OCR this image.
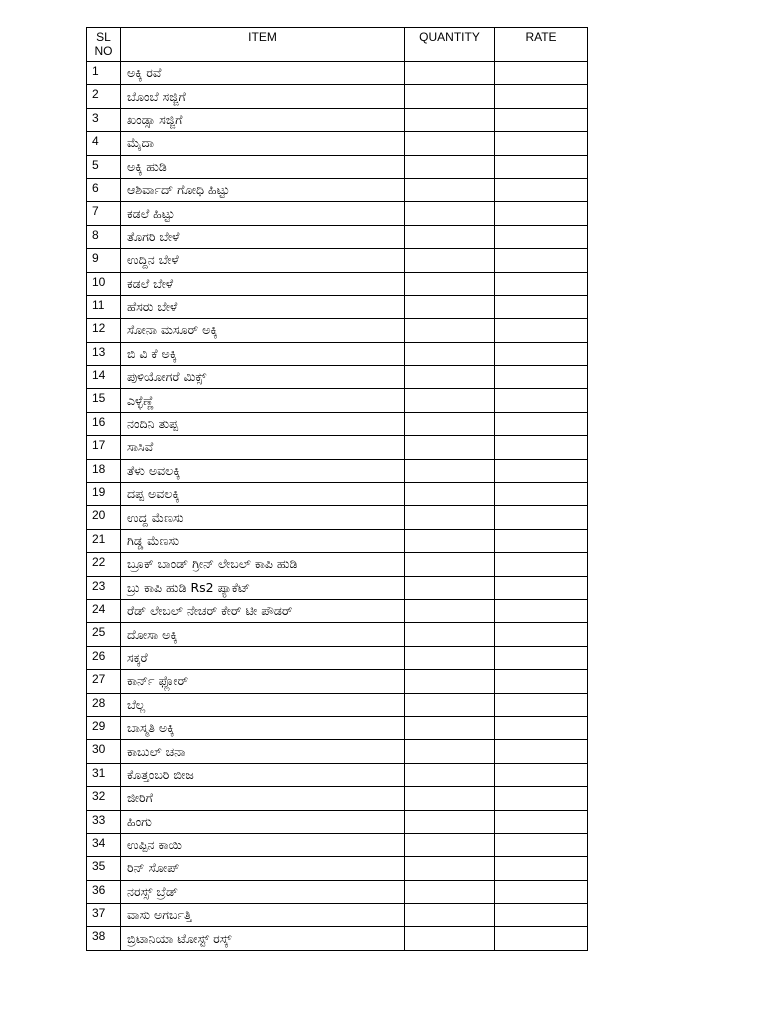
SL
NO	ITEM	QUANTITY	RATE
1	ಅಕ್ಕಿ ರವೆ		
2	ಬೊಂಬೆ ಸಜ್ಜಿಗೆ		
3	ಖಂಡ್ಸಾ ಸಜ್ಜಿಗೆ		
4	ಮೈದಾ		
5	ಅಕ್ಕಿ ಹುಡಿ		
6	ಆಶಿರ್ವಾದ್ ಗೋಧಿ ಹಿಟ್ಟು		
7	ಕಡಲೆ ಹಿಟ್ಟು		
8	ತೊಗರಿ ಬೇಳೆ		
9	ಉದ್ದಿನ ಬೇಳೆ		
10	ಕಡಲೆ ಬೇಳೆ		
11	ಹೆಸರು ಬೇಳೆ		
12	ಸೋನಾ ಮಸೂರ್ ಅಕ್ಕಿ		
13	ಬಿ ವಿ ಕೆ ಅಕ್ಕಿ		
14	ಪುಳಿಯೋಗರೆ ಮಿಕ್ಸ್		
15	ಎಳ್ಳೆಣ್ಣೆ		
16	ನಂದಿನಿ ತುಪ್ಪ		
17	ಸಾಸಿವೆ		
18	ತೆಳು ಅವಲಕ್ಕಿ		
19	ದಪ್ಪ ಅವಲಕ್ಕಿ		
20	ಉದ್ದ ಮೆಣಸು		
21	ಗಿಡ್ಡ ಮೆಣಸು		
22	ಬ್ರೂಕ್ ಬಾಂಡ್ ಗ್ರೀನ್ ಲೇಬಲ್ ಕಾಪಿ ಹುಡಿ		
23	ಬ್ರು ಕಾಪಿ ಹುಡಿ Rs2 ಪ್ಯಾಕೆಟ್		
24	ರೆಡ್ ಲೇಬಲ್ ನೇಚರ್ ಕೇರ್ ಟೀ ಪೌಡರ್		
25	ದೋಸಾ ಅಕ್ಕಿ		
26	ಸಕ್ಕರೆ		
27	ಕಾರ್ನ್ ಫ್ಲೋರ್		
28	ಬೆಲ್ಲ		
29	ಬಾಸ್ಮತಿ ಅಕ್ಕಿ		
30	ಕಾಬುಲ್ ಚನಾ		
31	ಕೊತ್ತಂಬರಿ ಬೀಜ		
32	ಜೀರಿಗೆ		
33	ಹಿಂಗು		
34	ಉಪ್ಪಿನ ಕಾಯಿ		
35	ರಿನ್ ಸೋಪ್		
36	ನರಸ್ಸ್ ಬ್ರೆಡ್		
37	ವಾಸು ಅಗರ್ಬತ್ತಿ		
38	ಬ್ರಿಟಾನಿಯಾ ಟೋಸ್ಟ್ ರಸ್ಕ್		
